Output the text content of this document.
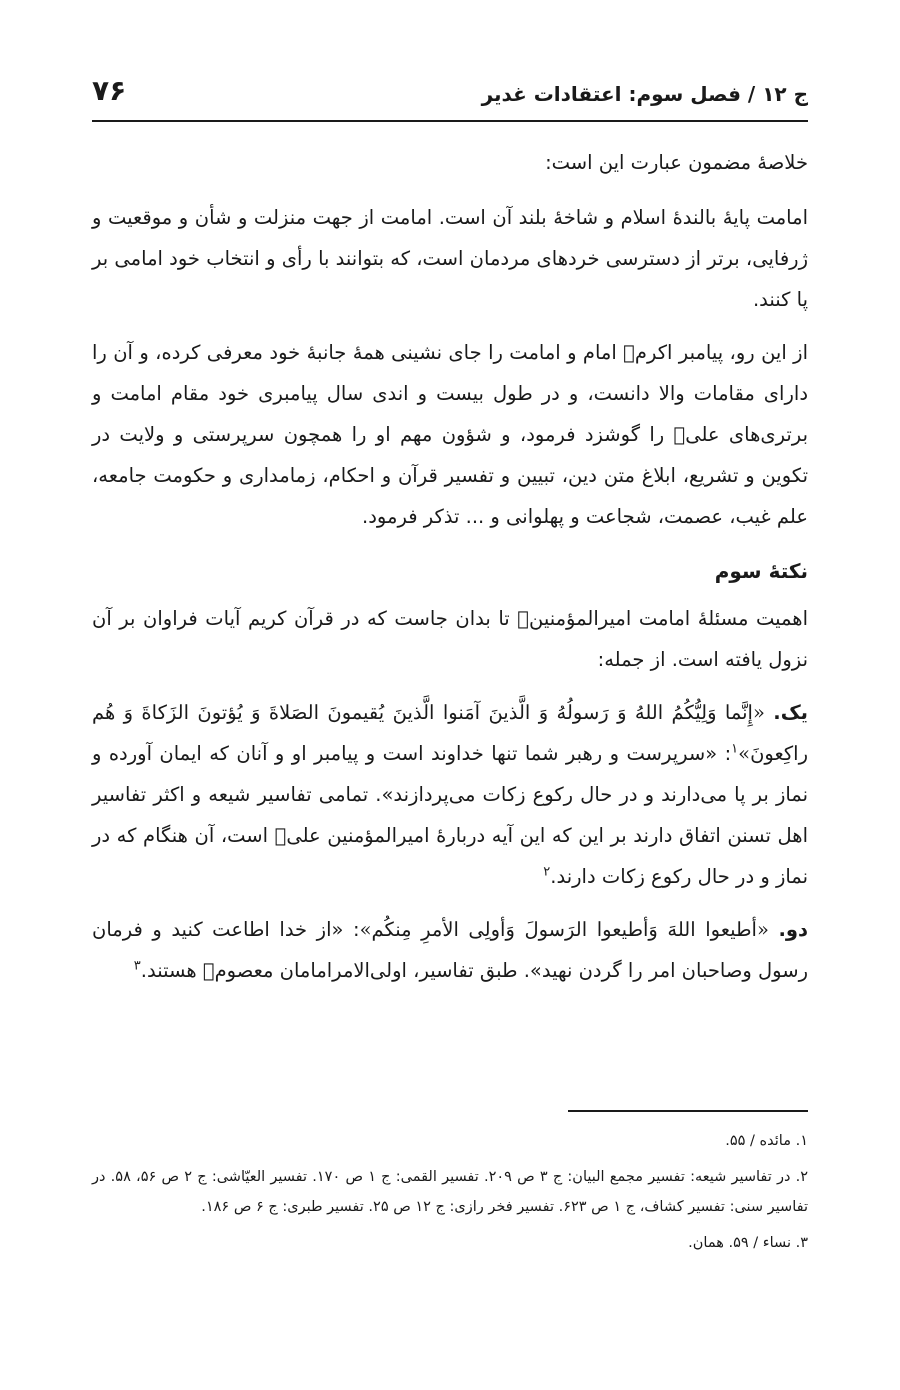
۷۶	ج ۱۲ / فصل سوم: اعتقادات غدیر

خلاصهٔ مضمون عبارت این است:

امامت پایهٔ بالندهٔ اسلام و شاخهٔ بلند آن است. امامت از جهت منزلت و شأن و موقعیت و ژرفایی، برتر از دسترسی خردهای مردمان است، که بتوانند با رأی و انتخاب خود امامی بر پا کنند.

از این رو، پیامبر اکرمﷺ امام و امامت را جای نشینی همهٔ جانبهٔ خود معرفی کرده، و آن را دارای مقامات والا دانست، و در طول بیست و اندی سال پیامبری خود مقام امامت و برتری‌های علیؑ را گوشزد فرمود، و شؤون مهم او را همچون سرپرستی و ولایت در تکوین و تشریع، ابلاغ متن دین، تبیین و تفسیر قرآن و احکام، زمامداری و حکومت جامعه، علم غیب، عصمت، شجاعت و پهلوانی و ... تذکر فرمود.

نکتهٔ سوم

اهمیت مسئلهٔ امامت امیرالمؤمنینؑ تا بدان جاست که در قرآن کریم آیات فراوان بر آن نزول یافته است. از جمله:

یک. «إِنَّما وَلِیُّکُمُ اللهُ وَ رَسولُهُ وَ الَّذینَ آمَنوا الَّذینَ یُقیمونَ الصَلاةَ وَ یُؤتونَ الزَکاةَ وَ هُم راکِعونَ»$^۱$: «سرپرست و رهبر شما تنها خداوند است و پیامبر او و آنان که ایمان آورده و نماز بر پا می‌دارند و در حال رکوع زکات می‌پردازند». تمامی تفاسیر شیعه و اکثر تفاسیر اهل تسنن اتفاق دارند بر این که این آیه دربارهٔ امیرالمؤمنین علیؑ است، آن هنگام که در نماز و در حال رکوع زکات دارند.$^۲$

دو. «أطیعوا اللهَ وَأطیعوا الرَسولَ وَأولِی الأمرِ مِنکُم»: «از خدا اطاعت کنید و فرمان رسول وصاحبان امر را گردن نهید». طبق تفاسیر، اولی‌الامرامامان معصومؑ هستند.$^۳$

۱. مائده / ۵۵.

۲. در تفاسیر شیعه: تفسیر مجمع البیان: ج ۳ ص ۲۰۹. تفسیر القمی: ج ۱ ص ۱۷۰. تفسیر العیّاشی: ج ۲ ص ۵۶، ۵۸. در تفاسیر سنی: تفسیر کشاف، ج ۱ ص ۶۲۳. تفسیر فخر رازی: ج ۱۲ ص ۲۵. تفسیر طبری: ج ۶ ص ۱۸۶.

۳. نساء / ۵۹. همان.
